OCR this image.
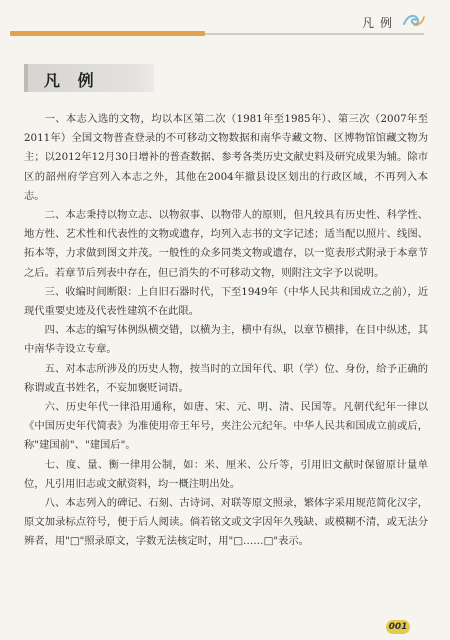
凡例
凡 例

一、本志入选的文物，均以本区第二次（1981年至1985年）、第三次（2007年至2011年）全国文物普查登录的不可移动文物数据和南华寺藏文物、区博物馆馆藏文物为主；以2012年12月30日增补的普查数据、参考各类历史文献史料及研究成果为辅。除市区的韶州府学宫列入本志之外，其他在2004年撤县设区划出的行政区域，不再列入本志。

二、本志秉持以物立志、以物叙事、以物带人的原则，但凡较具有历史性、科学性、地方性、艺术性和代表性的文物或遗存，均列入志书的文字记述；适当配以照片、线图、拓本等，力求做到图文并茂。一般性的众多同类文物或遗存，以一览表形式附录于本章节之后。若章节后列表中存在，但已消失的不可移动文物，则附注文字予以说明。

三、收编时间断限：上自旧石器时代，下至1949年（中华人民共和国成立之前），近现代重要史迹及代表性建筑不在此限。

四、本志的编写体例纵横交错，以横为主，横中有纵，以章节横排，在目中纵述，其中南华寺设立专章。

五、对本志所涉及的历史人物，按当时的立国年代、职（学）位、身份，给予正确的称谓或直书姓名，不妄加褒贬词语。

六、历史年代一律沿用通称，如唐、宋、元、明、清、民国等。凡朝代纪年一律以《中国历史年代简表》为准使用帝王年号，夹注公元纪年。中华人民共和国成立前或后，称"建国前"、"建国后"。

七、度、量、衡一律用公制，如：米、厘米、公斤等，引用旧文献时保留原计量单位，凡引用旧志或文献资料，均一概注明出处。

八、本志列入的碑记、石刻、古诗词、对联等原文照录，繁体字采用规范简化汉字，原文加录标点符号，便于后人阅读。倘若铭文或文字因年久残缺、或模糊不清，或无法分辨者，用"□"照录原文，字数无法核定时，用"□……□"表示。

001
